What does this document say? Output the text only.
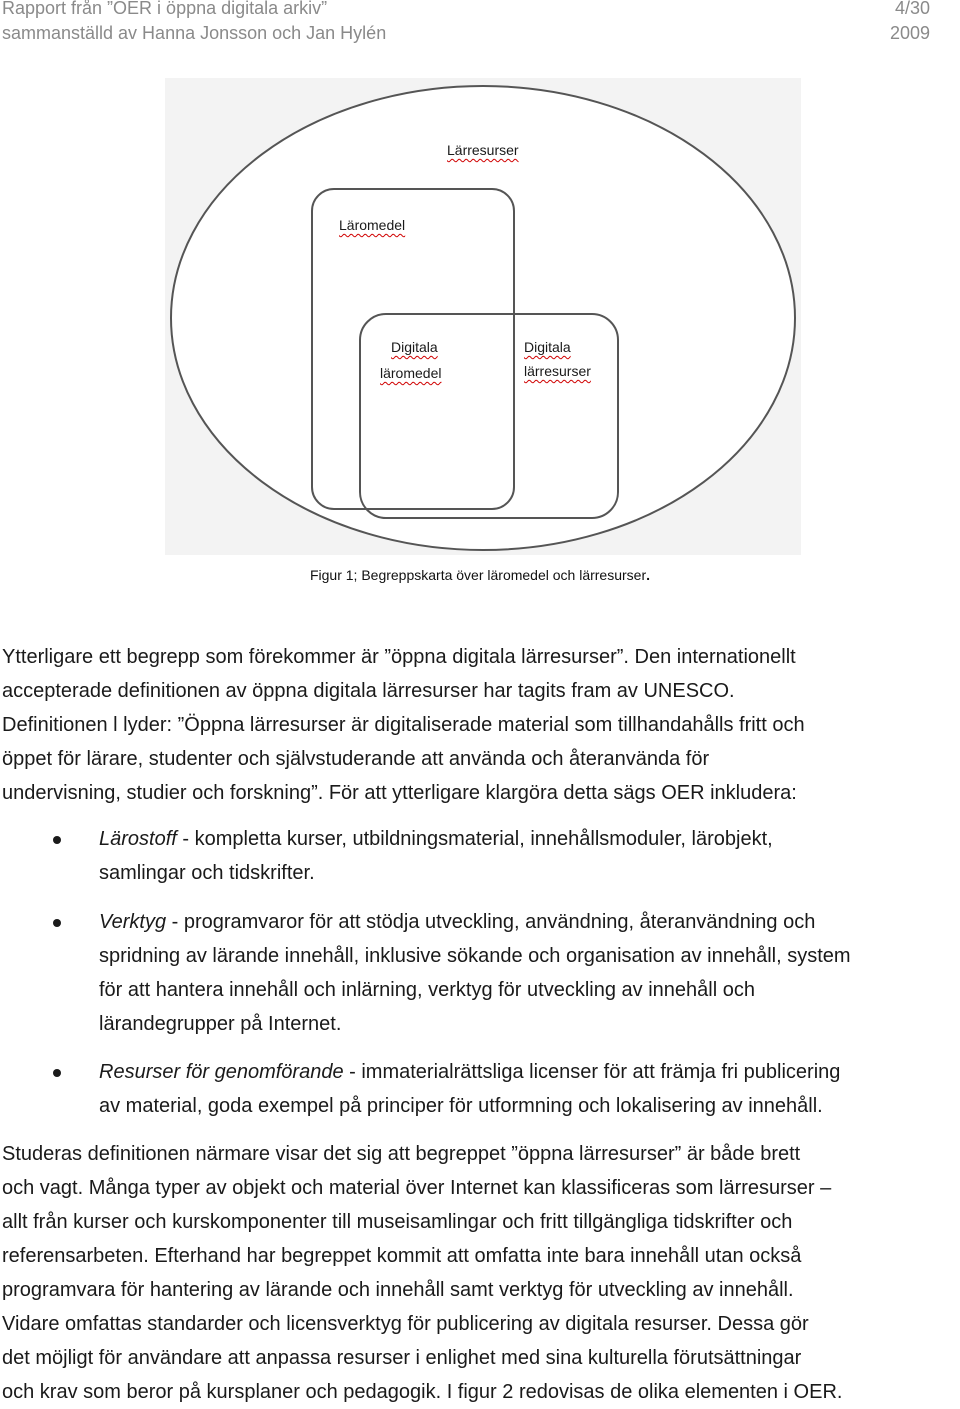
Rapport från ”OER i öppna digitala arkiv”
sammanställd av Hanna Jonsson och Jan Hylén
4/30
2009
Lärresurser
Läromedel
Digitala
läromedel
Digitala
lärresurser
Figur 1; Begreppskarta över läromedel och lärresurser.
Ytterligare ett begrepp som förekommer är ”öppna digitala lärresurser”. Den internationellt
accepterade definitionen av öppna digitala lärresurser har tagits fram av UNESCO.
Definitionen l lyder: ”Öppna lärresurser är digitaliserade material som tillhandahålls fritt och
öppet för lärare, studenter och självstuderande att använda och återanvända för
undervisning, studier och forskning”. För att ytterligare klargöra detta sägs OER inkludera:
Lärostoff - kompletta kurser, utbildningsmaterial, innehållsmoduler, lärobjekt,
samlingar och tidskrifter.
Verktyg - programvaror för att stödja utveckling, användning, återanvändning och
spridning av lärande innehåll, inklusive sökande och organisation av innehåll, system
för att hantera innehåll och inlärning, verktyg för utveckling av innehåll och
lärandegrupper på Internet.
Resurser för genomförande - immaterialrättsliga licenser för att främja fri publicering
av material, goda exempel på principer för utformning och lokalisering av innehåll.
Studeras definitionen närmare visar det sig att begreppet ”öppna lärresurser” är både brett
och vagt. Många typer av objekt och material över Internet kan klassificeras som lärresurser –
allt från kurser och kurskomponenter till museisamlingar och fritt tillgängliga tidskrifter och
referensarbeten. Efterhand har begreppet kommit att omfatta inte bara innehåll utan också
programvara för hantering av lärande och innehåll samt verktyg för utveckling av innehåll.
Vidare omfattas standarder och licensverktyg för publicering av digitala resurser. Dessa gör
det möjligt för användare att anpassa resurser i enlighet med sina kulturella förutsättningar
och krav som beror på kursplaner och pedagogik. I figur 2 redovisas de olika elementen i OER.
